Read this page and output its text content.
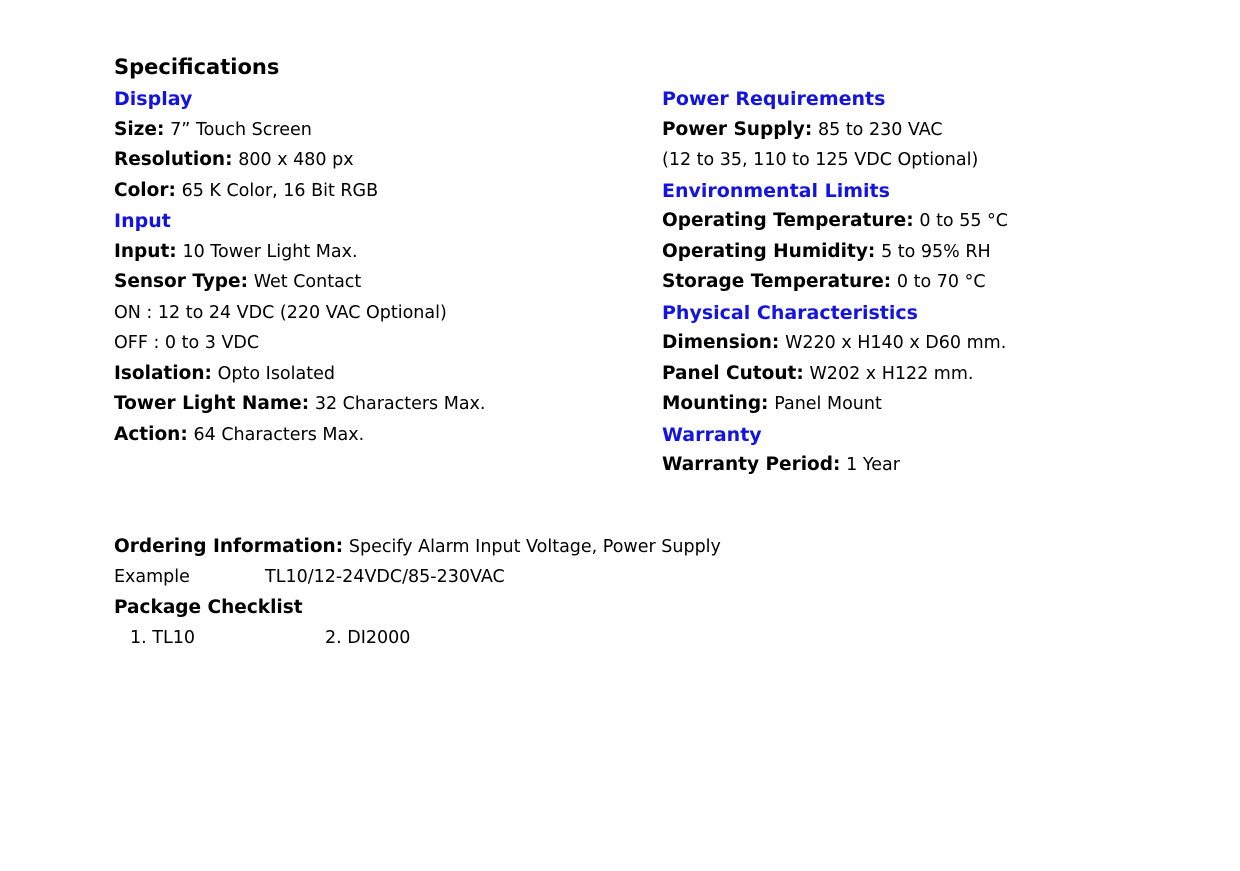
Specifications
Display
Size: 7” Touch Screen
Resolution: 800 x 480 px
Color: 65 K Color, 16 Bit RGB
Input
Input: 10 Tower Light Max.
Sensor Type: Wet Contact
ON : 12 to 24 VDC (220 VAC Optional)
OFF : 0 to 3 VDC
Isolation: Opto Isolated
Tower Light Name: 32 Characters Max.
Action: 64 Characters Max.
Power Requirements
Power Supply: 85 to 230 VAC
(12 to 35, 110 to 125 VDC Optional)
Environmental Limits
Operating Temperature: 0 to 55 °C
Operating Humidity: 5 to 95% RH
Storage Temperature: 0 to 70 °C
Physical Characteristics
Dimension: W220 x H140 x D60 mm.
Panel Cutout: W202 x H122 mm.
Mounting: Panel Mount
Warranty
Warranty Period: 1 Year
Ordering Information: Specify Alarm Input Voltage, Power Supply
Example	TL10/12-24VDC/85-230VAC
Package Checklist
1. TL10	2. DI2000
